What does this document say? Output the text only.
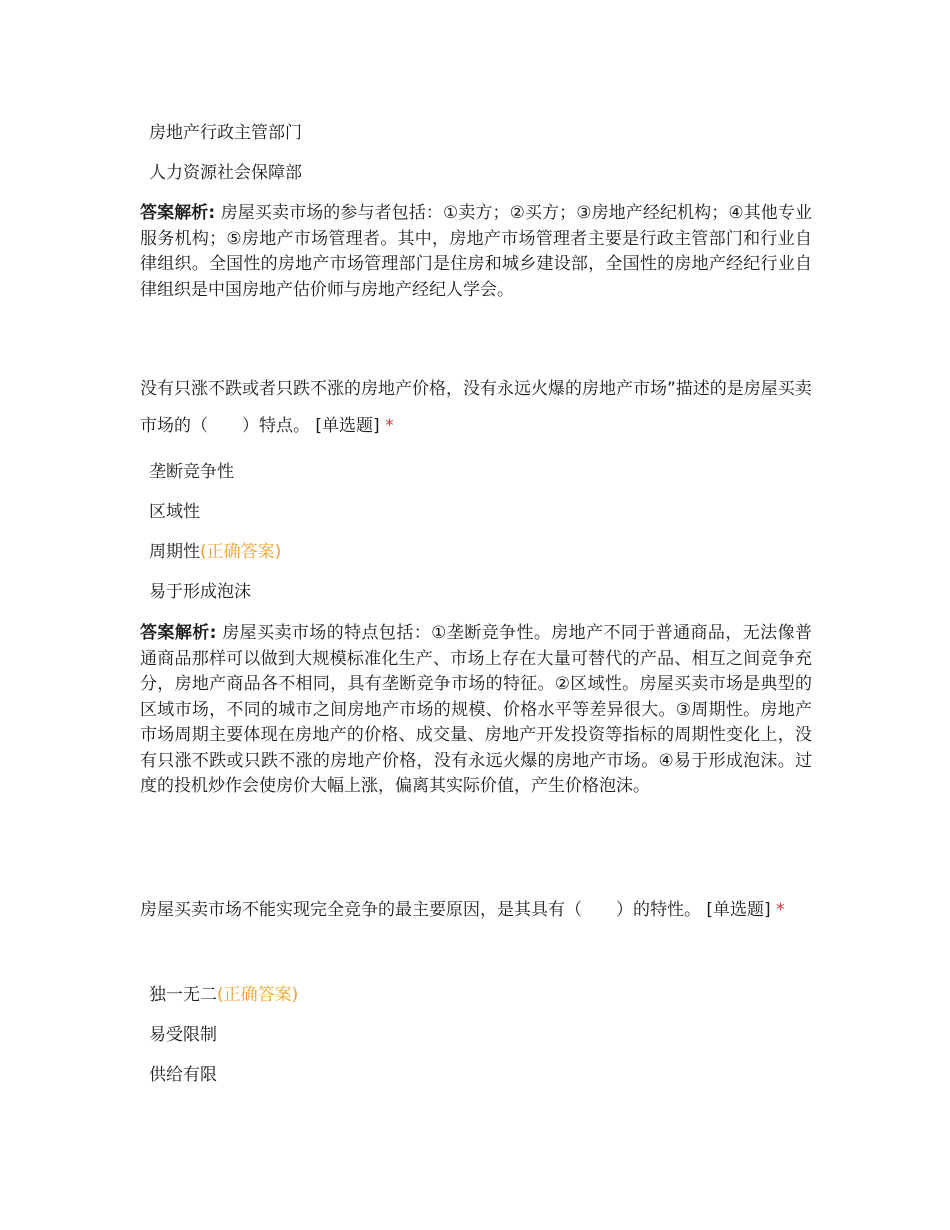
房地产行政主管部门
人力资源社会保障部
答案解析: 房屋买卖市场的参与者包括：①卖方；②买方；③房地产经纪机构；④其他专业服务机构；⑤房地产市场管理者。其中，房地产市场管理者主要是行政主管部门和行业自律组织。全国性的房地产市场管理部门是住房和城乡建设部，全国性的房地产经纪行业自律组织是中国房地产估价师与房地产经纪人学会。
没有只涨不跌或者只跌不涨的房地产价格，没有永远火爆的房地产市场”描述的是房屋买卖市场的（　　）特点。 [单选题] *
垄断竞争性
区域性
周期性(正确答案)
易于形成泡沫
答案解析: 房屋买卖市场的特点包括：①垄断竞争性。房地产不同于普通商品，无法像普通商品那样可以做到大规模标准化生产、市场上存在大量可替代的产品、相互之间竞争充分，房地产商品各不相同，具有垄断竞争市场的特征。②区域性。房屋买卖市场是典型的区域市场，不同的城市之间房地产市场的规模、价格水平等差异很大。③周期性。房地产市场周期主要体现在房地产的价格、成交量、房地产开发投资等指标的周期性变化上，没有只涨不跌或只跌不涨的房地产价格，没有永远火爆的房地产市场。④易于形成泡沫。过度的投机炒作会使房价大幅上涨，偏离其实际价值，产生价格泡沫。
房屋买卖市场不能实现完全竞争的最主要原因，是其具有（　　）的特性。 [单选题] *
独一无二(正确答案)
易受限制
供给有限
